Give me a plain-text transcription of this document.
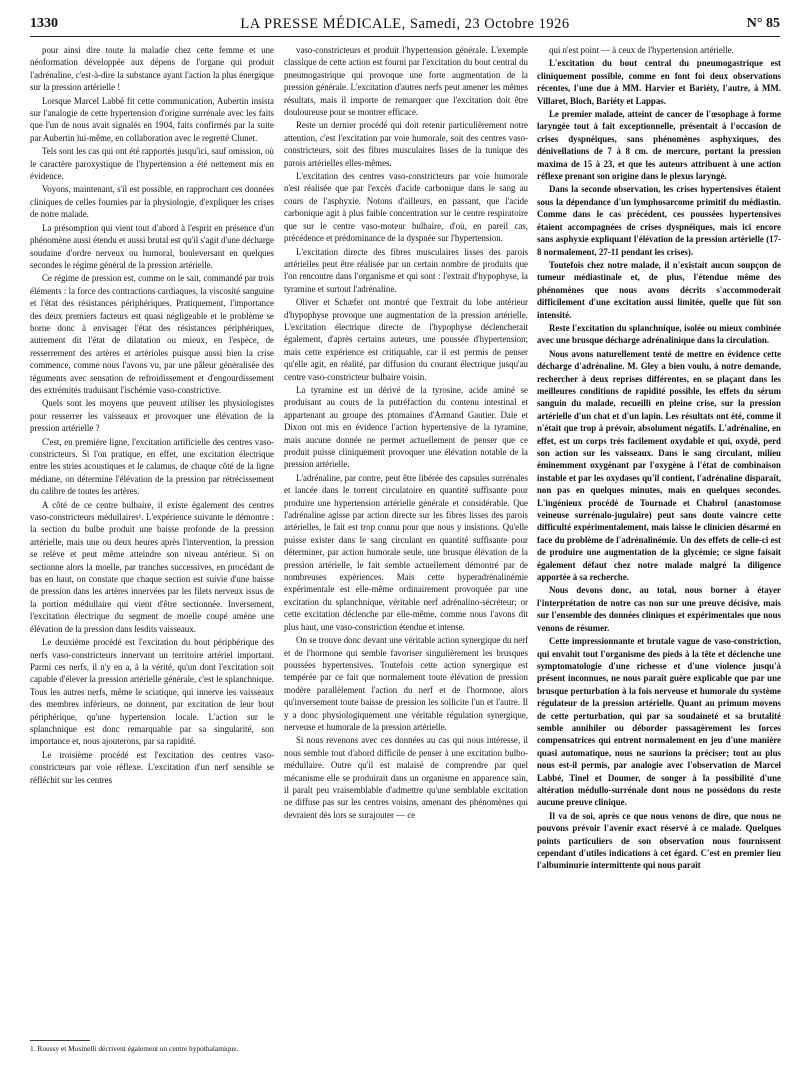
1330	LA PRESSE MÉDICALE, Samedi, 23 Octobre 1926	N° 85

pour ainsi dire toute la maladie chez cette femme et une néoformation développée aux dépens de l'organe qui produit l'adrénaline, c'est-à-dire la substance ayant l'action la plus énergique sur la pression artérielle !

Lorsque Marcel Labbé fit cette communication, Aubertin insista sur l'analogie de cette hypertension d'origine surrénale avec les faits que l'un de nous avait signalés en 1904, faits confirmés par la suite par Aubertin lui-même, en collaboration avec le regretté Clunet.

Tels sont les cas qui ont été rapportés jusqu'ici, sauf omission, où le caractère paroxystique de l'hypertension a été nettement mis en évidence.

Voyons, maintenant, s'il est possible, en rapprochant ces données cliniques de celles fournies par la physiologie, d'expliquer les crises de notre malade.

La présomption qui vient tout d'abord à l'esprit en présence d'un phénomène aussi étendu et aussi brutal est qu'il s'agit d'une décharge soudaine d'ordre nerveux ou humoral, bouleversant en quelques secondes le régime général de la pression artérielle.

Ce régime de pression est, comme on le sait, commandé par trois éléments : la force des contractions cardiaques, la viscosité sanguine et l'état des résistances périphériques. Pratiquement, l'importance des deux premiers facteurs est quasi négligeable et le problème se borne donc à envisager l'état des résistances périphériques, autrement dit l'état de dilatation ou mieux, en l'espèce, de resserrement des artères et artérioles puisque aussi bien la crise commence, comme nous l'avons vu, par une pâleur généralisée des téguments avec sensation de refroidissement et d'engourdissement des extrémités traduisant l'ischémie vaso-constrictive.

Quels sont les moyens que peuvent utiliser les physiologistes pour resserrer les vaisseaux et provoquer une élévation de la pression artérielle ?

C'est, en première ligne, l'excitation artificielle des centres vaso-constricteurs. Si l'on pratique, en effet, une excitation électrique entre les stries acoustiques et le calamus, de chaque côté de la ligne médiane, on détermine l'élévation de la pression par rétrécissement du calibre de toutes les artères.

A côté de ce centre bulbaire, il existe également des centres vaso-constricteurs médullaires¹. L'expérience suivante le démontre : la section du bulbe produit une baisse profonde de la pression artérielle, mais une ou deux heures après l'intervention, la pression se relève et peut même atteindre son niveau antérieur. Si on sectionne alors la moelle, par tranches successives, en procédant de bas en haut, on constate que chaque section est suivie d'une baisse de pression dans les artères innervées par les filets nerveux issus de la portion médullaire qui vient d'être sectionnée. Inversement, l'excitation électrique du segment de moelle coupé amène une élévation de la pression dans lesdits vaisseaux.

Le deuxième procédé est l'excitation du bout périphérique des nerfs vaso-constricteurs innervant un territoire artériel important. Parmi ces nerfs, il n'y en a, à la vérité, qu'un dont l'excitation soit capable d'élever la pression artérielle générale, c'est le splanchnique. Tous les autres nerfs, même le sciatique, qui innerve les vaisseaux des membres inférieurs, ne donnent, par excitation de leur bout périphérique, qu'une hypertension locale. L'action sur le splanchnique est donc remarquable par sa singularité, son importance et, nous ajouterons, par sa rapidité.

Le troisième procédé est l'excitation des centres vaso-constricteurs par voie réflexe. L'excitation d'un nerf sensible se réfléchit sur les centres

vaso-constricteurs et produit l'hypertension générale. L'exemple classique de cette action est fourni par l'excitation du bout central du pneumogastrique qui provoque une forte augmentation de la pression générale. L'excitation d'autres nerfs peut amener les mêmes résultats, mais il importe de remarquer que l'excitation doit être douloureuse pour se montrer efficace.

Reste un dernier procédé qui doit retenir particulièrement notre attention, c'est l'excitation par voie humorale, soit des centres vaso-constricteurs, soit des fibres musculaires lisses de la tunique des parois artérielles elles-mêmes.

L'excitation des centres vaso-constricteurs par voie humorale n'est réalisée que par l'excès d'acide carbonique dans le sang au cours de l'asphyxie. Notons d'ailleurs, en passant, que l'acide carbonique agit à plus faible concentration sur le centre respiratoire que sur le centre vaso-moteur bulbaire, d'où, en pareil cas, précédence et prédominance de la dyspnée sur l'hypertension.

L'excitation directe des fibres musculaires lisses des parois artérielles peut être réalisée par un certain nombre de produits que l'on rencontre dans l'organisme et qui sont : l'extrait d'hypophyse, la tyramine et surtout l'adrénaline.

Oliver et Schæfer ont montré que l'extrait du lobe antérieur d'hypophyse provoque une augmentation de la pression artérielle. L'excitation électrique directe de l'hypophyse déclencherait également, d'après certains auteurs, une poussée d'hypertension; mais cette expérience est critiquable, car il est permis de penser qu'elle agit, en réalité, par diffusion du courant électrique jusqu'au centre vaso-constricteur bulbaire voisin.

La tyramine est un dérivé de la tyrosine, acide aminé se produisant au cours de la putréfaction du contenu intestinal et appartenant au groupe des ptomaïnes d'Armand Gautier. Dale et Dixon ont mis en évidence l'action hypertensive de la tyramine, mais aucune donnée ne permet actuellement de penser que ce produit puisse cliniquement provoquer une élévation notable de la pression artérielle.

L'adrénaline, par contre, peut être libérée des capsules surrénales et lancée dans le torrent circulatoire en quantité suffisante pour produire une hypertension artérielle générale et considérable. Que l'adrénaline agisse par action directe sur les fibres lisses des parois artérielles, le fait est trop connu pour que nous y insistions. Qu'elle puisse exister dans le sang circulant en quantité suffisante pour déterminer, par action humorale seule, une brusque élévation de la pression artérielle, le fait semble actuellement démontré par de nombreuses expériences. Mais cette hyperadrénalinémie expérimentale est elle-même ordinairement provoquée par une excitation du splanchnique, véritable nerf adrénalino-sécréteur; or cette excitation déclenche par elle-même, comme nous l'avons dit plus haut, une vaso-constriction étendue et intense.

On se trouve donc devant une véritable action synergique du nerf et de l'hormone qui semble favoriser singulièrement les brusques poussées hypertensives. Toutefois cette action synergique est tempérée par ce fait que normalement toute élévation de pression modère parallèlement l'action du nerf et de l'hormone, alors qu'inversement toute baisse de pression les sollicite l'un et l'autre. Il y a donc physiologiquement une véritable régulation synergique, nerveuse et humorale de la pression artérielle.

Si nous revenons avec ces données au cas qui nous intéresse, il nous semble tout d'abord difficile de penser à une excitation bulbo-médullaire. Outre qu'il est malaisé de comprendre par quel mécanisme elle se produirait dans un organisme en apparence sain, il paraît peu vraisemblable d'admettre qu'une semblable excitation ne diffuse pas sur les centres voisins, amenant des phénomènes qui devraient dès lors se surajouter — ce

qui n'est point — à ceux de l'hypertension artérielle.

L'excitation du bout central du pneumogastrique est cliniquement possible, comme en font foi deux observations récentes, l'une due à MM. Harvier et Bariéty, l'autre, à MM. Villaret, Bloch, Bariéty et Lappas.

Le premier malade, atteint de cancer de l'œsophage à forme laryngée tout à fait exceptionnelle, présentait à l'occasion de crises dyspnéiques, sans phénomènes asphyxiques, des dénivellations de 7 à 8 cm. de mercure, portant la pression maxima de 15 à 23, et que les auteurs attribuent à une action réflexe prenant son origine dans le plexus laryngé.

Dans la seconde observation, les crises hypertensives étaient sous la dépendance d'un lymphosarcome primitif du médiastin. Comme dans le cas précédent, ces poussées hypertensives étaient accompagnées de crises dyspnéiques, mais ici encore sans asphyxie expliquant l'élévation de la pression artérielle (17-8 normalement, 27-11 pendant les crises).

Toutefois chez notre malade, il n'existait aucun soupçon de tumeur médiastinale et, de plus, l'étendue même des phénomènes que nous avons décrits s'accommoderait difficilement d'une excitation aussi limitée, quelle que fût son intensité.

Reste l'excitation du splanchnique, isolée ou mieux combinée avec une brusque décharge adrénalinique dans la circulation.

Nous avons naturellement tenté de mettre en évidence cette décharge d'adrénaline. M. Gley a bien voulu, à notre demande, rechercher à deux reprises différentes, en se plaçant dans les meilleures conditions de rapidité possible, les effets du sérum sanguin du malade, recueilli en pleine crise, sur la pression artérielle d'un chat et d'un lapin. Les résultats ont été, comme il n'était que trop à prévoir, absolument négatifs. L'adrénaline, en effet, est un corps très facilement oxydable et qui, oxydé, perd son action sur les vaisseaux. Dans le sang circulant, milieu éminemment oxygénant par l'oxygène à l'état de combinaison instable et par les oxydases qu'il contient, l'adrénaline disparaît, non pas en quelques minutes, mais en quelques secondes. L'ingénieux procédé de Tournade et Chabrol (anastomose veineuse surrénalo-jugulaire) peut sans doute vaincre cette difficulté expérimentalement, mais laisse le clinicien désarmé en face du problème de l'adrénalinémie. Un des effets de celle-ci est de produire une augmentation de la glycémie; ce signe faisait également défaut chez notre malade malgré la diligence apportée à sa recherche.

Nous devons donc, au total, nous borner à étayer l'interprétation de notre cas non sur une preuve décisive, mais sur l'ensemble des données cliniques et expérimentales que nous venons de résumer.

Cette impressionnante et brutale vague de vaso-constriction, qui envahit tout l'organisme des pieds à la tête et déclenche une symptomatologie d'une richesse et d'une violence jusqu'à présent inconnues, ne nous paraît guère explicable que par une brusque perturbation à la fois nerveuse et humorale du système régulateur de la pression artérielle. Quant au primum movens de cette perturbation, qui par sa soudaineté et sa brutalité semble annihiler ou déborder passagèrement les forces compensatrices qui entrent normalement en jeu d'une manière quasi automatique, nous ne saurions la préciser; tout au plus nous est-il permis, par analogie avec l'observation de Marcel Labbé, Tinel et Doumer, de songer à la possibilité d'une altération médullo-surrénale dont nous ne possédons du reste aucune preuve clinique.

Il va de soi, après ce que nous venons de dire, que nous ne pouvons prévoir l'avenir exact réservé à ce malade. Quelques points particuliers de son observation nous fournissent cependant d'utiles indications à cet égard. C'est en premier lieu l'albuminurie intermittente qui nous paraît

1. Roussy et Mosinelli décrivent également un centre hypothalamique.
